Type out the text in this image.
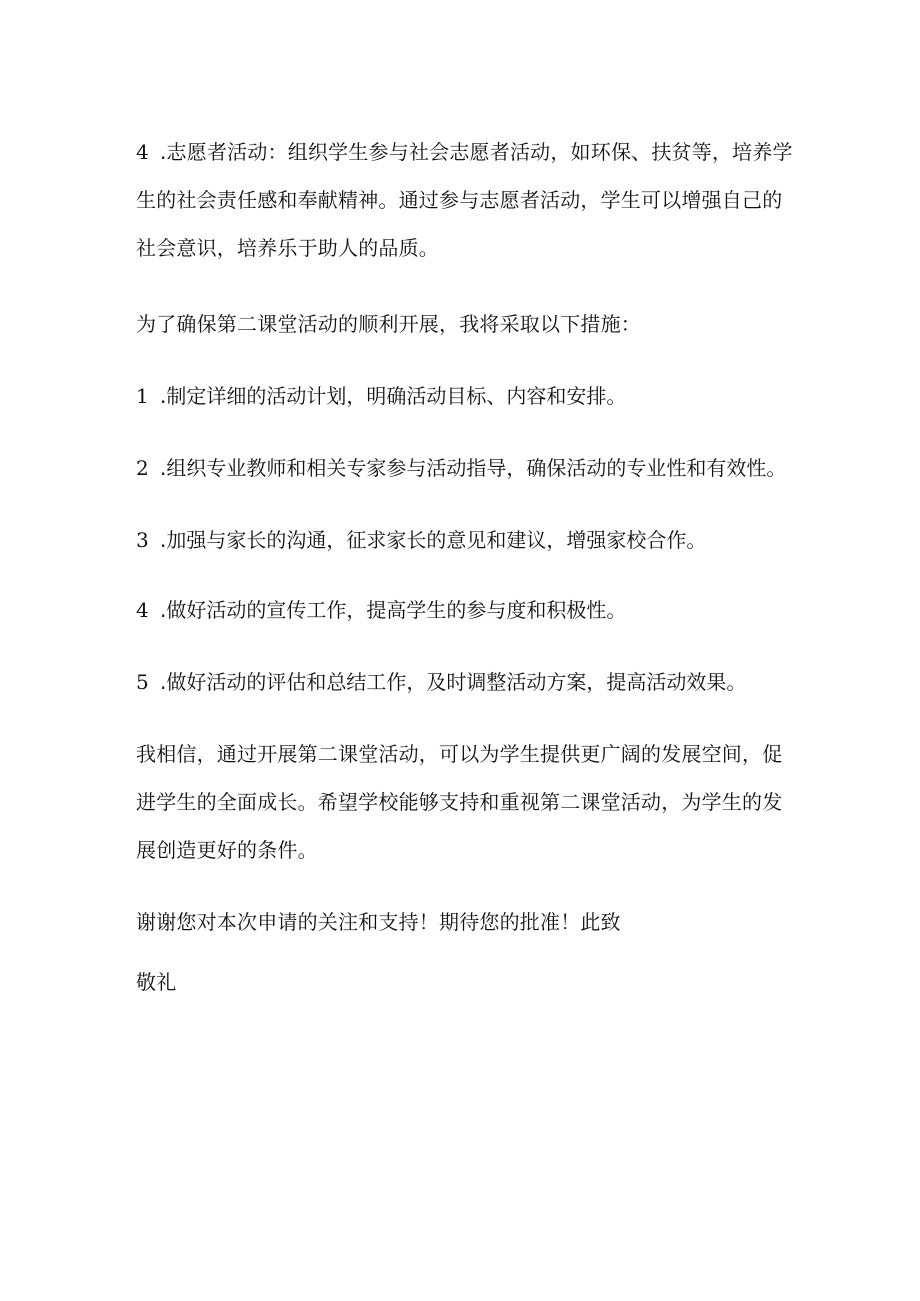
4 .志愿者活动：组织学生参与社会志愿者活动，如环保、扶贫等，培养学生的社会责任感和奉献精神。通过参与志愿者活动，学生可以增强自己的社会意识，培养乐于助人的品质。
为了确保第二课堂活动的顺利开展，我将采取以下措施：
1 .制定详细的活动计划，明确活动目标、内容和安排。
2 .组织专业教师和相关专家参与活动指导，确保活动的专业性和有效性。
3 .加强与家长的沟通，征求家长的意见和建议，增强家校合作。
4 .做好活动的宣传工作，提高学生的参与度和积极性。
5 .做好活动的评估和总结工作，及时调整活动方案，提高活动效果。
我相信，通过开展第二课堂活动，可以为学生提供更广阔的发展空间，促进学生的全面成长。希望学校能够支持和重视第二课堂活动，为学生的发展创造更好的条件。
谢谢您对本次申请的关注和支持！期待您的批准！此致
敬礼
